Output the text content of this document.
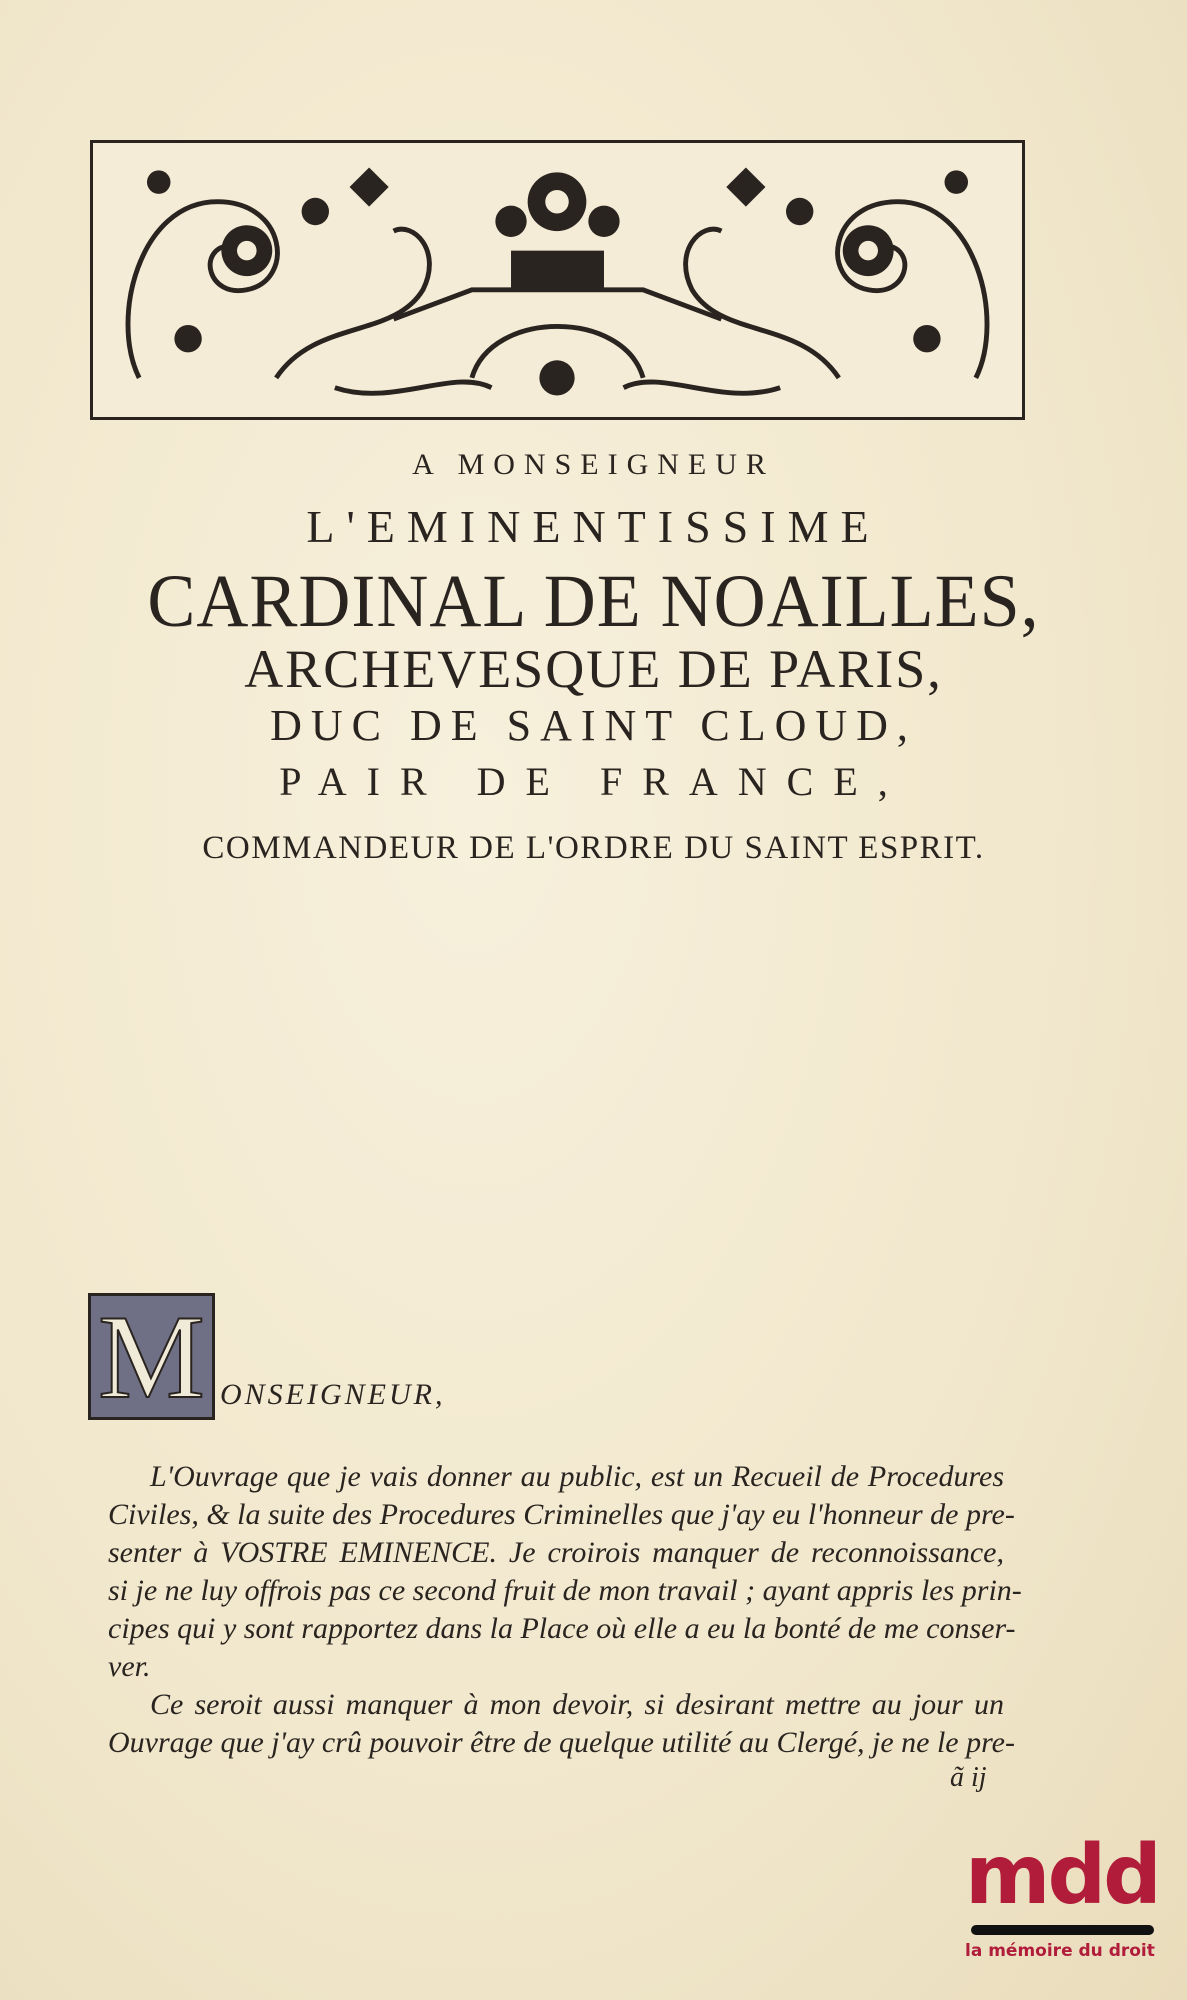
A MONSEIGNEUR
L'EMINENTISSIME
CARDINAL DE NOAILLES,
ARCHEVESQUE DE PARIS,
DUC DE SAINT CLOUD,
PAIR DE FRANCE,
COMMANDEUR DE L'ORDRE DU SAINT ESPRIT.
M ONSEIGNEUR,
L'Ouvrage que je vais donner au public, est un Recueil de Procedures
Civiles, & la suite des Procedures Criminelles que j'ay eu l'honneur de pre-
senter à VOSTRE EMINENCE. Je croirois manquer de reconnoissance,
si je ne luy offrois pas ce second fruit de mon travail ; ayant appris les prin-
cipes qui y sont rapportez dans la Place où elle a eu la bonté de me conser-
ver.
Ce seroit aussi manquer à mon devoir, si desirant mettre au jour un
Ouvrage que j'ay crû pouvoir être de quelque utilité au Clergé, je ne le pre-
ã ij
mdd
la mémoire du droit
